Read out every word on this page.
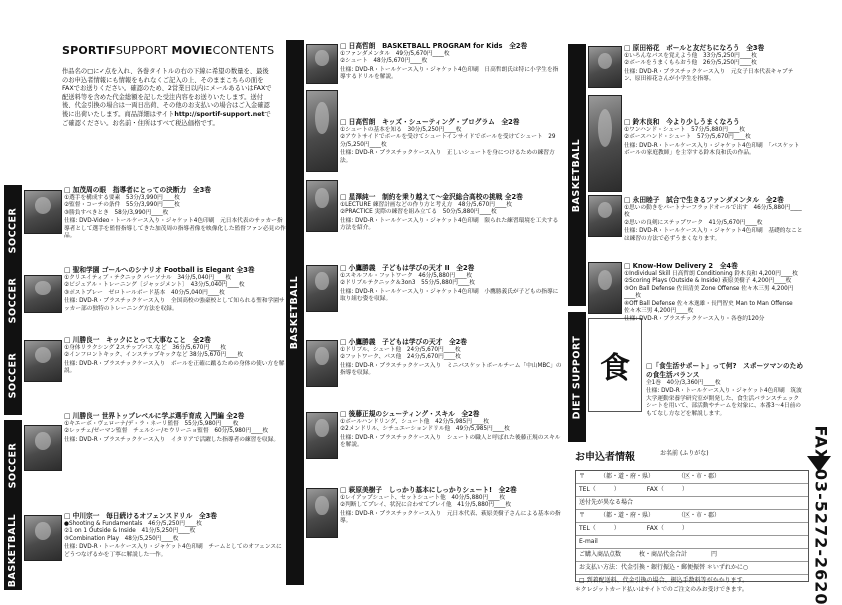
SPORTIFSUPPORT MOVIECONTENTS
作品名の□に✓点を入れ、各巻タイトルの右の下線に希望の数量を、最後のお申込者情報にも情報をもれなくご記入の上、そのままこちらの面をFAXでお送りください。確認のため、2営業日以内にメールあるいはFAXで配送料等を含めた代金総額を記した受注内容をお送りいたします。送付後、代金引換の場合は一両日出荷、その他のお支払いの場合はご入金確認後に出荷いたします。商品詳細はサイトhttp://sportif-support.netでご確認ください。お名前・住所はすべて税込価格です。
SOCCER
SOCCER
SOCCER
SOCCER
BASKETBALL
□ 加茂周の眼　指導者にとっての決断力　全3巻
①選手を構成する要素　53分/3,990円____枚
②監督・コーチの条件　55分/3,990円____枚
③勝負すべきとき　58分/3,990円____枚
仕様: DVD-Video・トールケース入り・ジャケット4色印刷　元日本代表のサッカー指導者として選手を監督指導してきた加茂周の指導者像を映像化した監督ファン必見の作品。
□ 聖和学園 ゴールへのシナリオ Football is Elegant 全3巻
①クリエイティブ・テクニック パーソナル　34分/5,040円____枚
②ビジュアル・トレーニング〔ジャッジメント〕　43分/5,040円____枚
③ポストプレー　ゼロトールボード基本　40分/5,040円____枚
仕様: DVD-R・プラスチックケース入り　全国高校の強豪校として知られる聖和学園サッカー部の独特のトレーニング方法を収録。
□ 川勝良一　キックにとって大事なこと　全2巻
①身体リラクシング 2ステップパス など　36分/5,670円____枚
②インフロントキック、インステップキックなど 38分/5,670円____枚
仕様: DVD-R・プラスチックケース入り　ボールを正確に蹴るための身体の使い方を解説。
□ 川勝良一 世界トップレベルに学ぶ選手育成 入門編 全2巻
①キエーボ・ヴェローナ/デ・ラ・ネーリ監督　55分/5,980円____枚
②レッチェ/ゼーマン監督　チェルシー/モウリーニョ監督　60分/5,980円____枚
仕様: DVD-R・プラスチックケース入り　イタリアで活躍した指導者の練習を収録。
□ 中川宗一　毎日続けるオフェンスドリル　全3巻
●Shooting & Fundamentals　46分/5,250円____枚
②1 on 1 Outside & Inside　41分/5,250円____枚
③Combination Play　48分/5,250円____枚
仕様: DVD-R・トールケース入り・ジャケット4色印刷　チームとしてのオフェンスにどうつなげるかを丁寧に解説した一作。
BASKETBALL
□ 日高哲朗　BASKETBALL PROGRAM for Kids　全2巻
①ファンダメンタル　49分/5,670円____枚
②シュート　48分/5,670円____枚
仕様: DVD-R・トールケース入り・ジャケット4色印刷　日高哲朗氏は特に小学生を指導するドリルを解説。
□ 日高哲朗　キッズ・シューティング・プログラム　全2巻
①シュートの基本を知る　30分/5,250円____枚
②アウトサイドでボールを受けてシュートインサイドでボールを受けてシュート　29分/5,250円____枚
仕様: DVD-R・プラスチックケース入り　正しいシュートを身につけるための練習方法。
□ 星澤純一　制約を乗り越えて〜金沢総合高校の挑戦 全2巻
①LECTURE 練習計画などの作り方と考え方　48分/5,670円____枚
②PRACTICE 実際の練習を組み立てる　50分/5,880円____枚
仕様: DVD-R・トールケース入り・ジャケット4色印刷　限られた練習環境を工夫する方法を紹介。
□ 小鷹勝義　子どもは学びの天才 II　全2巻
①スキルフル・フットワーク　46分/5,880円____枚
②ドリブルテクニック＆3on3　55分/5,880円____枚
仕様: DVD-R・トールケース入り・ジャケット4色印刷　小鷹勝義氏が子どもの指導に取り組む姿を収録。
□ 小鷹勝義　子どもは学びの天才　全2巻
①ドリブル、シュート他　24分/5,670円____枚
②フットワーク、パス他　24分/5,670円____枚
仕様: DVD-R・プラスチックケース入り　ミニバスケットボールチーム「中山MBC」の指導を収録。
□ 後藤正規のシューティング・スキル　全2巻
①ボールハンドリング、シュート他　42分/5,985円____枚
②2メンドリル、シチュエーションドリル他　49分/5,985円____枚
仕様: DVD-R・プラスチックケース入り　シュートの職人と呼ばれた後藤正規のスキルを解説。
□ 萩原美樹子　しっかり基本にしっかりシュート!　全2巻
①レイアップシュート、セットシュート他　40分/5,880円____枚
②判断してプレイ、状況に合わせてプレイ他　41分/5,880円____枚
仕様: DVD-R・プラスチックケース入り　元日本代表、萩原美樹子さんによる基本の指導。
BASKETBALL
DIET SUPPORT 食
□ 原田裕花　ボールと友だちになろう　全3巻
①いろんなパスを覚えよう他　33分/5,250円____枚
②ボールをうまくもらおう他　26分/5,250円____枚
仕様: DVD-R・プラスチックケース入り　元女子日本代表キャプテン、原田裕花さんが小学生を指導。
□ 鈴木良和　今より少しうまくなろう
①ワンハンド・シュート　57分/5,880円____枚
②ボースハンド・シュート　57分/5,670円____枚
仕様: DVD-R・トールケース入り・ジャケット4色印刷　「バスケットボールの家庭教師」を主宰する鈴木良和氏の作品。
□ 永田睦子　試合で生きるファンダメンタル　全2巻
①思いの動きをパートナーフラッドオールで出す　46分/5,880円____枚
②思いの良剣にステップワーク　41分/5,670円____枚
仕様: DVD-R・トールケース入り・ジャケット4色印刷　基礎的なことは練習の方法で必ずうまくなります。
□ Know-How Delivery 2　全4巻
①Individual Skill 日高哲朗 Conditioning 鈴木良和 4,200円____枚
②Scoring Plays (Outside & Inside) 萩原美樹子 4,200円____枚
③On Ball Defense 佐田清美 Zone Offense 佐々木三男 4,200円____枚
④Off Ball Defense 佐々木逸雄・長門智史 Man to Man Offense 佐々木三男 4,200円____枚
仕様: DVD-R・プラスチックケース入り・各巻約120分
□「食生活サポート」って何?　スポーツマンのための食生活バランス
全1巻　40分/3,360円____枚
仕様: DVD-R・トールケース入り・ジャケット4色印刷　筑波大学運動栄養学研究室が開発した、食生活バランスチェックシートを用いて、部活動やチームを対象に、本番3〜4日前のもてなし方などを解説します。
お申込者情報	お名前 (ふりがな)
〒　　　（都・道・府・県）　　　　　（区・市・郡）
TEL（　　　）　　　　　FAX（　　　）
送付先が異なる場合
〒　　　（都・道・府・県）　　　　　（区・市・郡）
TEL（　　　）　　　　　FAX（　　　）
E-mail
ご購入商品点数　　　枚・商品代金合計　　　　円
お支払い方法：代金引換・銀行振込・郵便振替 ＊いずれかに○
□ 到着配送料、代金引換の場合、振込手数料等がかかります。	FAX 03-5272-2620
＊クレジットカード払いはサイトでのご注文のみお受けできます。
